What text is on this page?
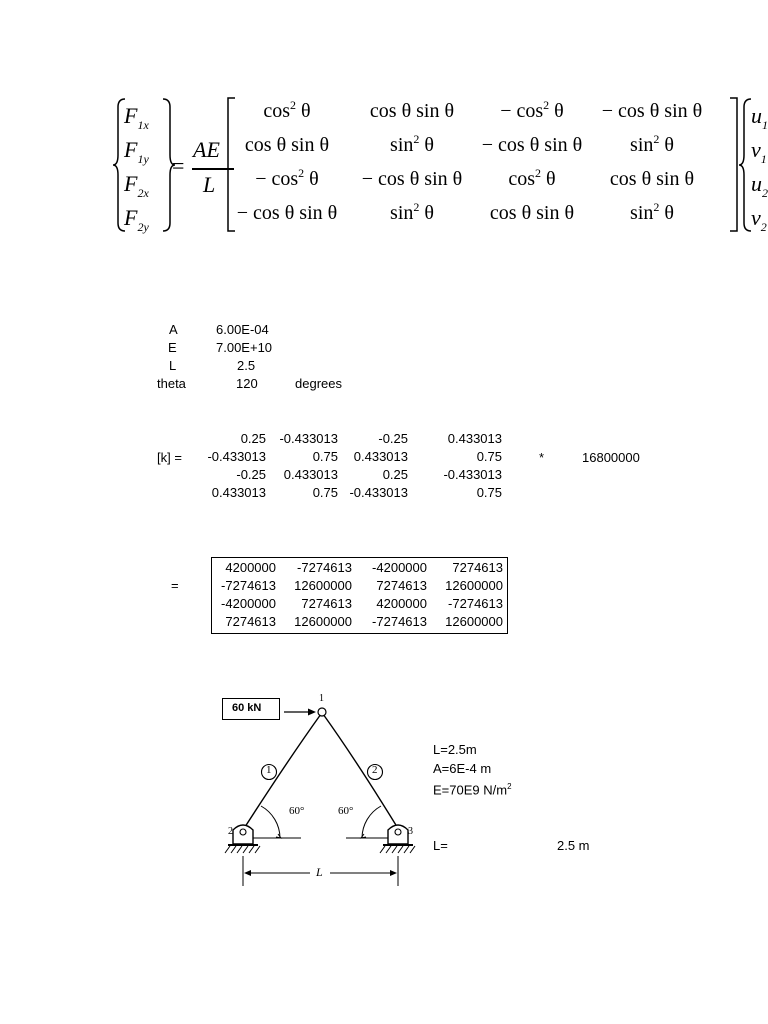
$F_{1x}$
$F_{1y}$
$F_{2x}$
$F_{2y}$
=
AE
L
$\cos^2 \theta$	cos θ sin θ	− $\cos^2 \theta$	− cos θ sin θ
cos θ sin θ	$\sin^2 \theta$	− cos θ sin θ	$\sin^2 \theta$
− $\cos^2 \theta$	− cos θ sin θ	$\cos^2 \theta$	cos θ sin θ
− cos θ sin θ	$\sin^2 \theta$	cos θ sin θ	$\sin^2 \theta$
$u_1$
$v_1$
$u_2$
$v_2$
A	6.00E-04
E	7.00E+10
L	2.5
theta	120	degrees
[k] =
0.25	-0.433013	-0.25	0.433013
-0.433013	0.75	0.433013	0.75
-0.25	0.433013	0.25	-0.433013
0.433013	0.75 -0.433013	0.75
*	16800000
=
4200000	-7274613	-4200000	7274613
-7274613	12600000	7274613	12600000
-4200000	7274613	4200000	-7274613
7274613	12600000	-7274613	12600000
60 kN
1
2	3
1	2
60°	60°
L
L=2.5m
A=6E-4 m
E=70E9 $N/m^2$
L=	2.5 m
